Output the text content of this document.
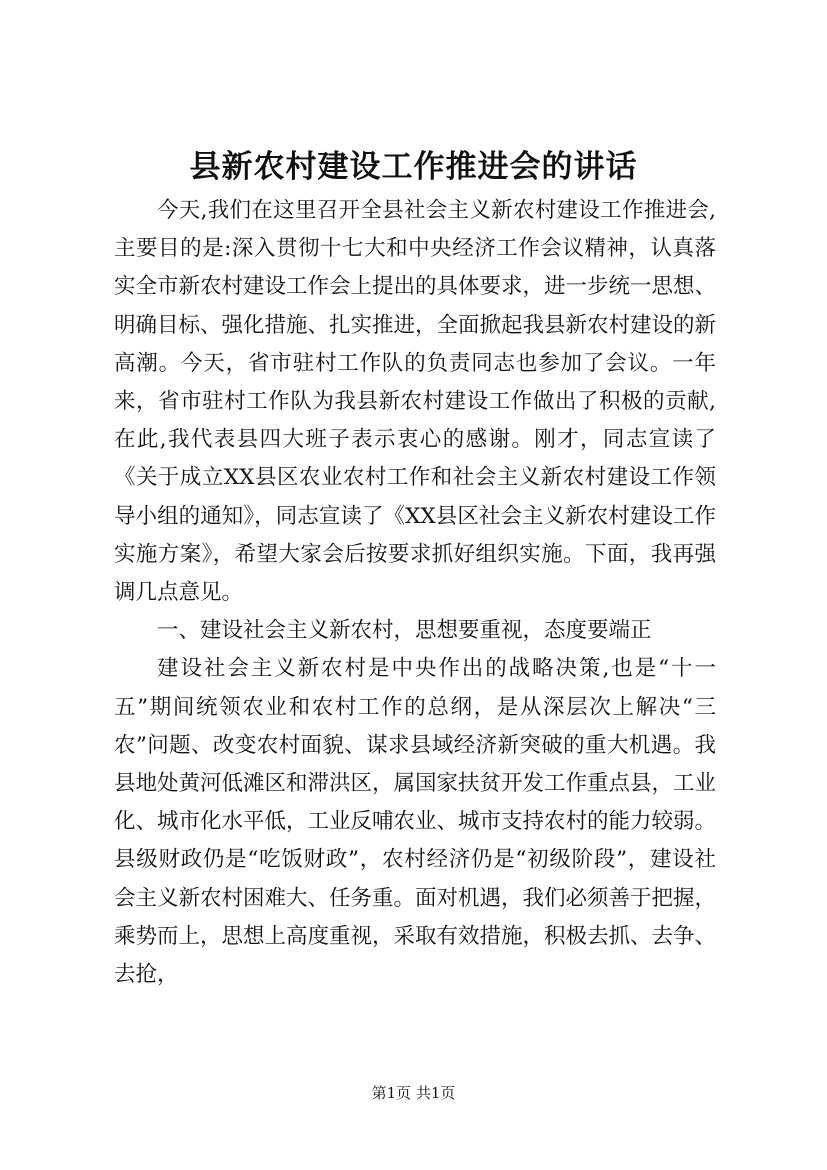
县新农村建设工作推进会的讲话

今天,我们在这里召开全县社会主义新农村建设工作推进会,主要目的是:深入贯彻十七大和中央经济工作会议精神，认真落实全市新农村建设工作会上提出的具体要求，进一步统一思想、明确目标、强化措施、扎实推进，全面掀起我县新农村建设的新高潮。今天，省市驻村工作队的负责同志也参加了会议。一年来，省市驻村工作队为我县新农村建设工作做出了积极的贡献,在此,我代表县四大班子表示衷心的感谢。刚才，同志宣读了《关于成立XX县区农业农村工作和社会主义新农村建设工作领导小组的通知》，同志宣读了《XX县区社会主义新农村建设工作实施方案》，希望大家会后按要求抓好组织实施。下面，我再强调几点意见。

一、建设社会主义新农村，思想要重视，态度要端正

建设社会主义新农村是中央作出的战略决策,也是“十一五”期间统领农业和农村工作的总纲，是从深层次上解决“三农”问题、改变农村面貌、谋求县域经济新突破的重大机遇。我县地处黄河低滩区和滞洪区，属国家扶贫开发工作重点县，工业化、城市化水平低，工业反哺农业、城市支持农村的能力较弱。县级财政仍是“吃饭财政”，农村经济仍是“初级阶段”，建设社会主义新农村困难大、任务重。面对机遇，我们必须善于把握，乘势而上，思想上高度重视，采取有效措施，积极去抓、去争、去抢，

第1页 共1页
